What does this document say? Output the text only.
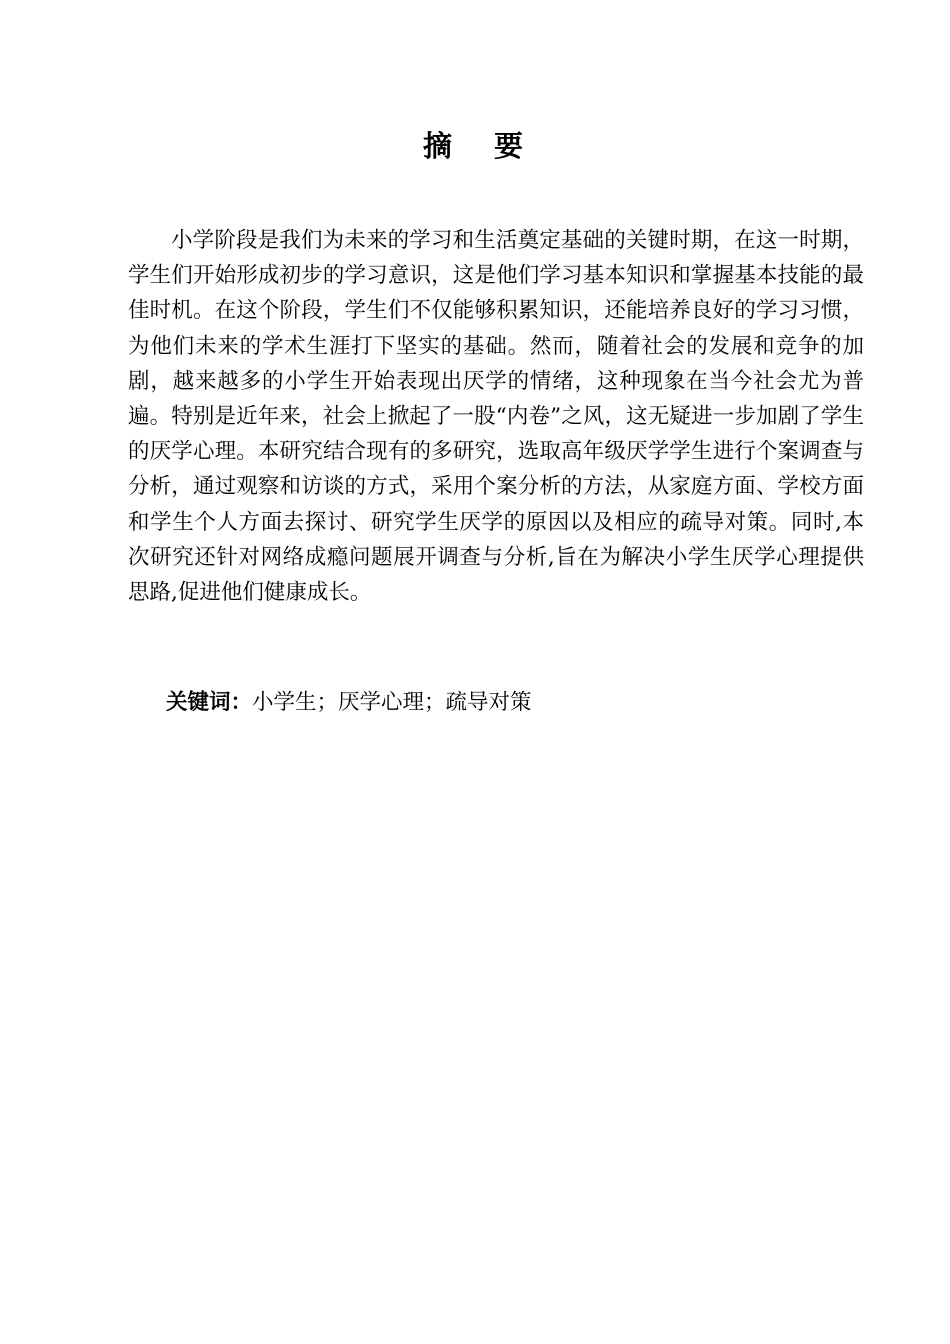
摘要

小学阶段是我们为未来的学习和生活奠定基础的关键时期，在这一时期，学生们开始形成初步的学习意识，这是他们学习基本知识和掌握基本技能的最佳时机。在这个阶段，学生们不仅能够积累知识，还能培养良好的学习习惯，为他们未来的学术生涯打下坚实的基础。然而，随着社会的发展和竞争的加剧，越来越多的小学生开始表现出厌学的情绪，这种现象在当今社会尤为普遍。特别是近年来，社会上掀起了一股“内卷”之风，这无疑进一步加剧了学生的厌学心理。本研究结合现有的多研究，选取高年级厌学学生进行个案调查与分析，通过观察和访谈的方式，采用个案分析的方法，从家庭方面、学校方面和学生个人方面去探讨、研究学生厌学的原因以及相应的疏导对策。同时,本次研究还针对网络成瘾问题展开调查与分析,旨在为解决小学生厌学心理提供思路,促进他们健康成长。

关键词：小学生；厌学心理；疏导对策
